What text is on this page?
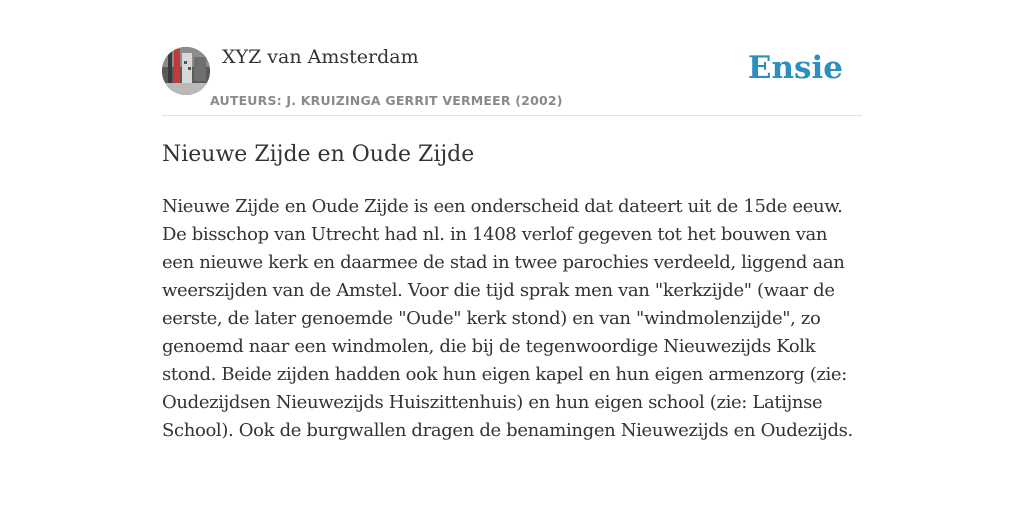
XYZ van Amsterdam
AUTEURS: J. KRUIZINGA GERRIT VERMEER (2002)
Ensie
Nieuwe Zijde en Oude Zijde

Nieuwe Zijde en Oude Zijde is een onderscheid dat dateert uit de 15de eeuw. De bisschop van Utrecht had nl. in 1408 verlof gegeven tot het bouwen van een nieuwe kerk en daarmee de stad in twee parochies verdeeld, liggend aan weerszijden van de Amstel. Voor die tijd sprak men van "kerkzijde" (waar de eerste, de later genoemde "Oude" kerk stond) en van "windmolenzijde", zo genoemd naar een windmolen, die bij de tegenwoordige Nieuwezijds Kolk stond. Beide zijden hadden ook hun eigen kapel en hun eigen armenzorg (zie: Oudezijdsen Nieuwezijds Huiszittenhuis) en hun eigen school (zie: Latijnse School). Ook de burgwallen dragen de benamingen Nieuwezijds en Oudezijds.
